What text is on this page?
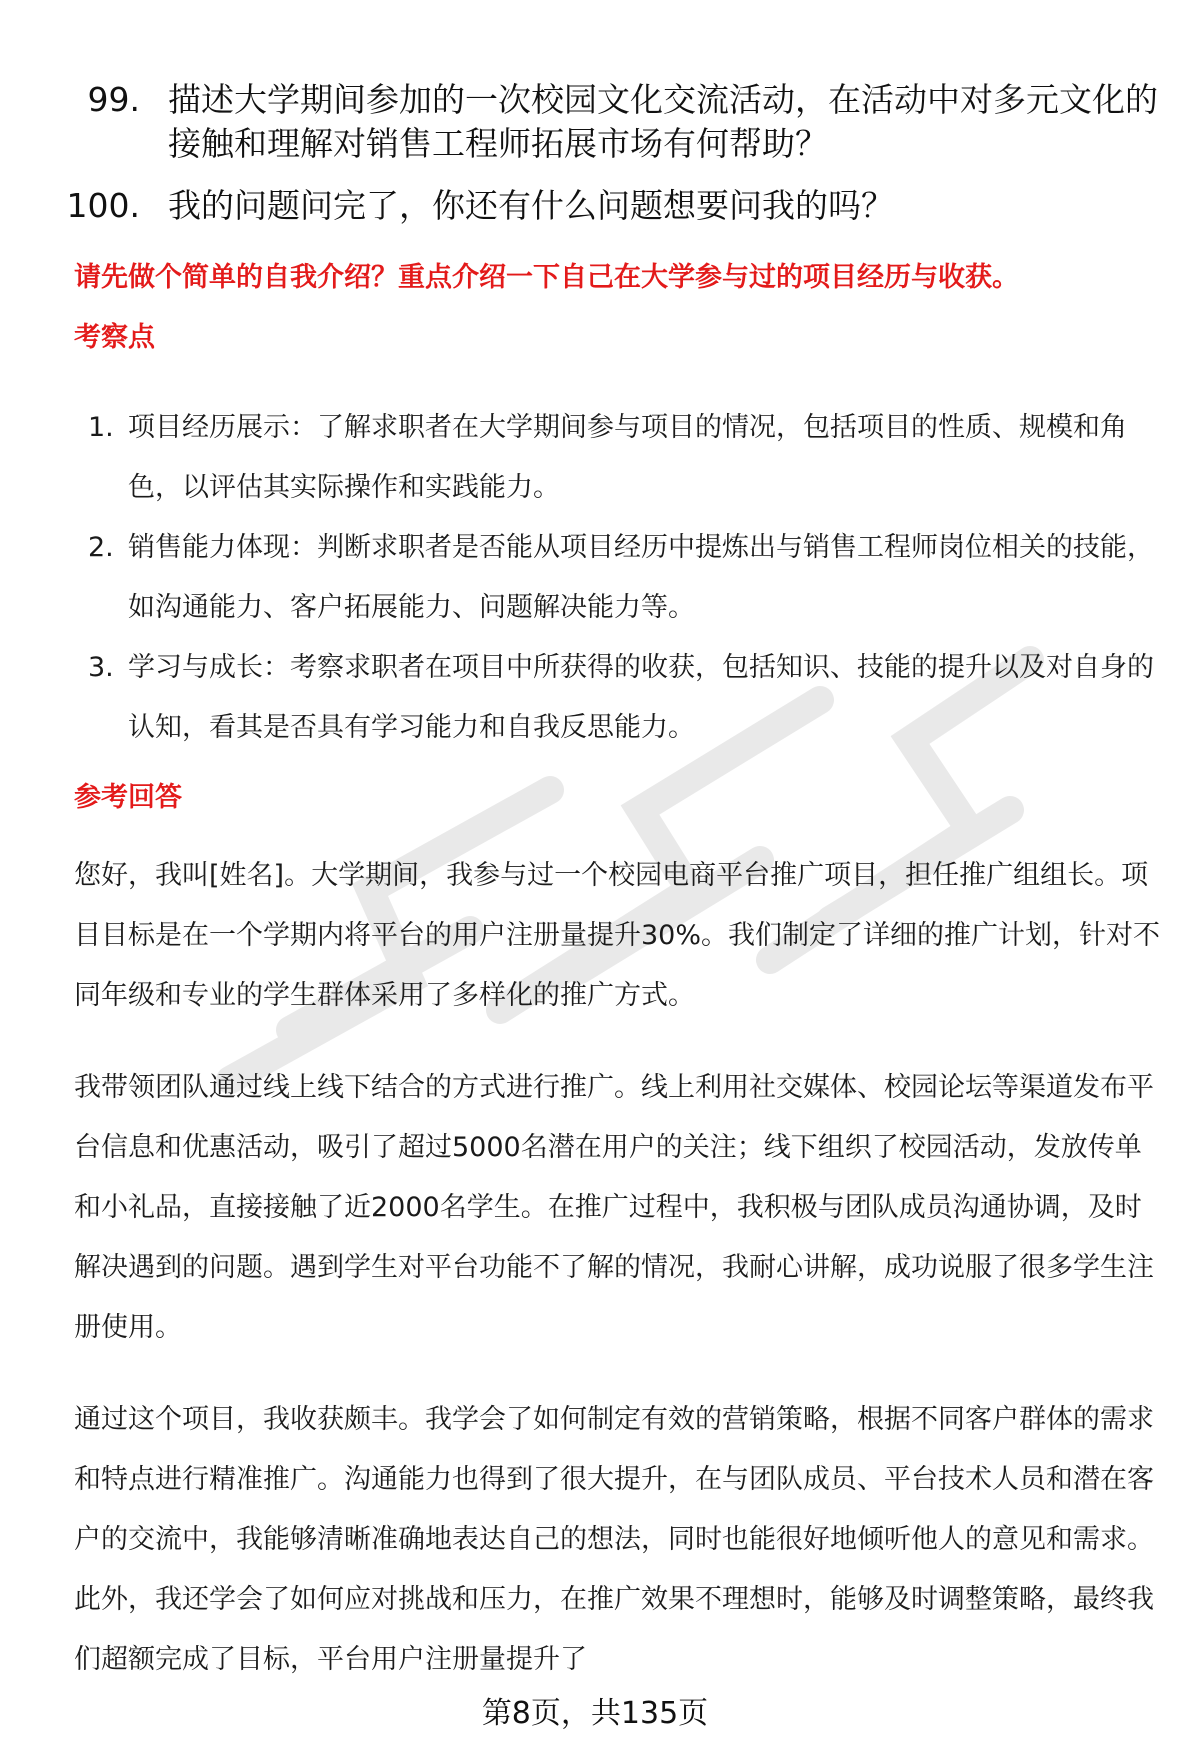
99. 描述大学期间参加的一次校园文化交流活动，在活动中对多元文化的接触和理解对销售工程师拓展市场有何帮助？
100. 我的问题问完了，你还有什么问题想要问我的吗？
请先做个简单的自我介绍？重点介绍一下自己在大学参与过的项目经历与收获。
考察点
1. 项目经历展示：了解求职者在大学期间参与项目的情况，包括项目的性质、规模和角色，以评估其实际操作和实践能力。
2. 销售能力体现：判断求职者是否能从项目经历中提炼出与销售工程师岗位相关的技能，如沟通能力、客户拓展能力、问题解决能力等。
3. 学习与成长：考察求职者在项目中所获得的收获，包括知识、技能的提升以及对自身的认知，看其是否具有学习能力和自我反思能力。
参考回答

您好，我叫[姓名]。大学期间，我参与过一个校园电商平台推广项目，担任推广组组长。项目目标是在一个学期内将平台的用户注册量提升30%。我们制定了详细的推广计划，针对不同年级和专业的学生群体采用了多样化的推广方式。

我带领团队通过线上线下结合的方式进行推广。线上利用社交媒体、校园论坛等渠道发布平台信息和优惠活动，吸引了超过5000名潜在用户的关注；线下组织了校园活动，发放传单和小礼品，直接接触了近2000名学生。在推广过程中，我积极与团队成员沟通协调，及时解决遇到的问题。遇到学生对平台功能不了解的情况，我耐心讲解，成功说服了很多学生注册使用。

通过这个项目，我收获颇丰。我学会了如何制定有效的营销策略，根据不同客户群体的需求和特点进行精准推广。沟通能力也得到了很大提升，在与团队成员、平台技术人员和潜在客户的交流中，我能够清晰准确地表达自己的想法，同时也能很好地倾听他人的意见和需求。此外，我还学会了如何应对挑战和压力，在推广效果不理想时，能够及时调整策略，最终我们超额完成了目标，平台用户注册量提升了

第8页，共135页
